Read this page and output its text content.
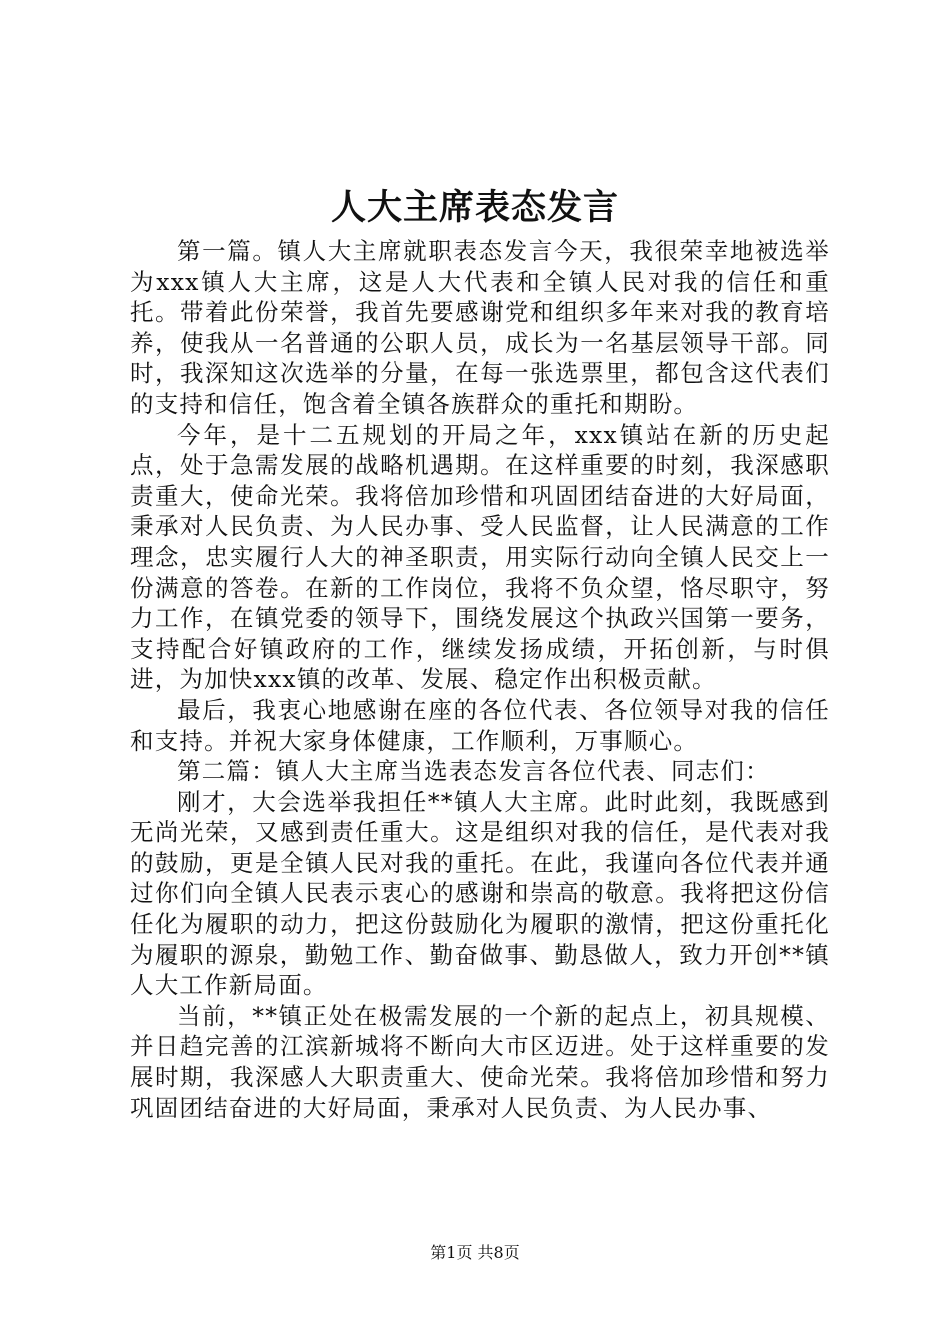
人大主席表态发言

第一篇。镇人大主席就职表态发言今天，我很荣幸地被选举为xxx镇人大主席，这是人大代表和全镇人民对我的信任和重托。带着此份荣誉，我首先要感谢党和组织多年来对我的教育培养，使我从一名普通的公职人员，成长为一名基层领导干部。同时，我深知这次选举的分量，在每一张选票里，都包含这代表们的支持和信任，饱含着全镇各族群众的重托和期盼。

今年，是十二五规划的开局之年，xxx镇站在新的历史起点，处于急需发展的战略机遇期。在这样重要的时刻，我深感职责重大，使命光荣。我将倍加珍惜和巩固团结奋进的大好局面，秉承对人民负责、为人民办事、受人民监督，让人民满意的工作理念，忠实履行人大的神圣职责，用实际行动向全镇人民交上一份满意的答卷。在新的工作岗位，我将不负众望，恪尽职守，努力工作，在镇党委的领导下，围绕发展这个执政兴国第一要务，支持配合好镇政府的工作，继续发扬成绩，开拓创新，与时俱进，为加快xxx镇的改革、发展、稳定作出积极贡献。

最后，我衷心地感谢在座的各位代表、各位领导对我的信任和支持。并祝大家身体健康，工作顺利，万事顺心。

第二篇：镇人大主席当选表态发言各位代表、同志们：

刚才，大会选举我担任**镇人大主席。此时此刻，我既感到无尚光荣，又感到责任重大。这是组织对我的信任，是代表对我的鼓励，更是全镇人民对我的重托。在此，我谨向各位代表并通过你们向全镇人民表示衷心的感谢和崇高的敬意。我将把这份信任化为履职的动力，把这份鼓励化为履职的激情，把这份重托化为履职的源泉，勤勉工作、勤奋做事、勤恳做人，致力开创**镇人大工作新局面。

当前，**镇正处在极需发展的一个新的起点上，初具规模、并日趋完善的江滨新城将不断向大市区迈进。处于这样重要的发展时期，我深感人大职责重大、使命光荣。我将倍加珍惜和努力巩固团结奋进的大好局面，秉承对人民负责、为人民办事、

第1页 共8页
